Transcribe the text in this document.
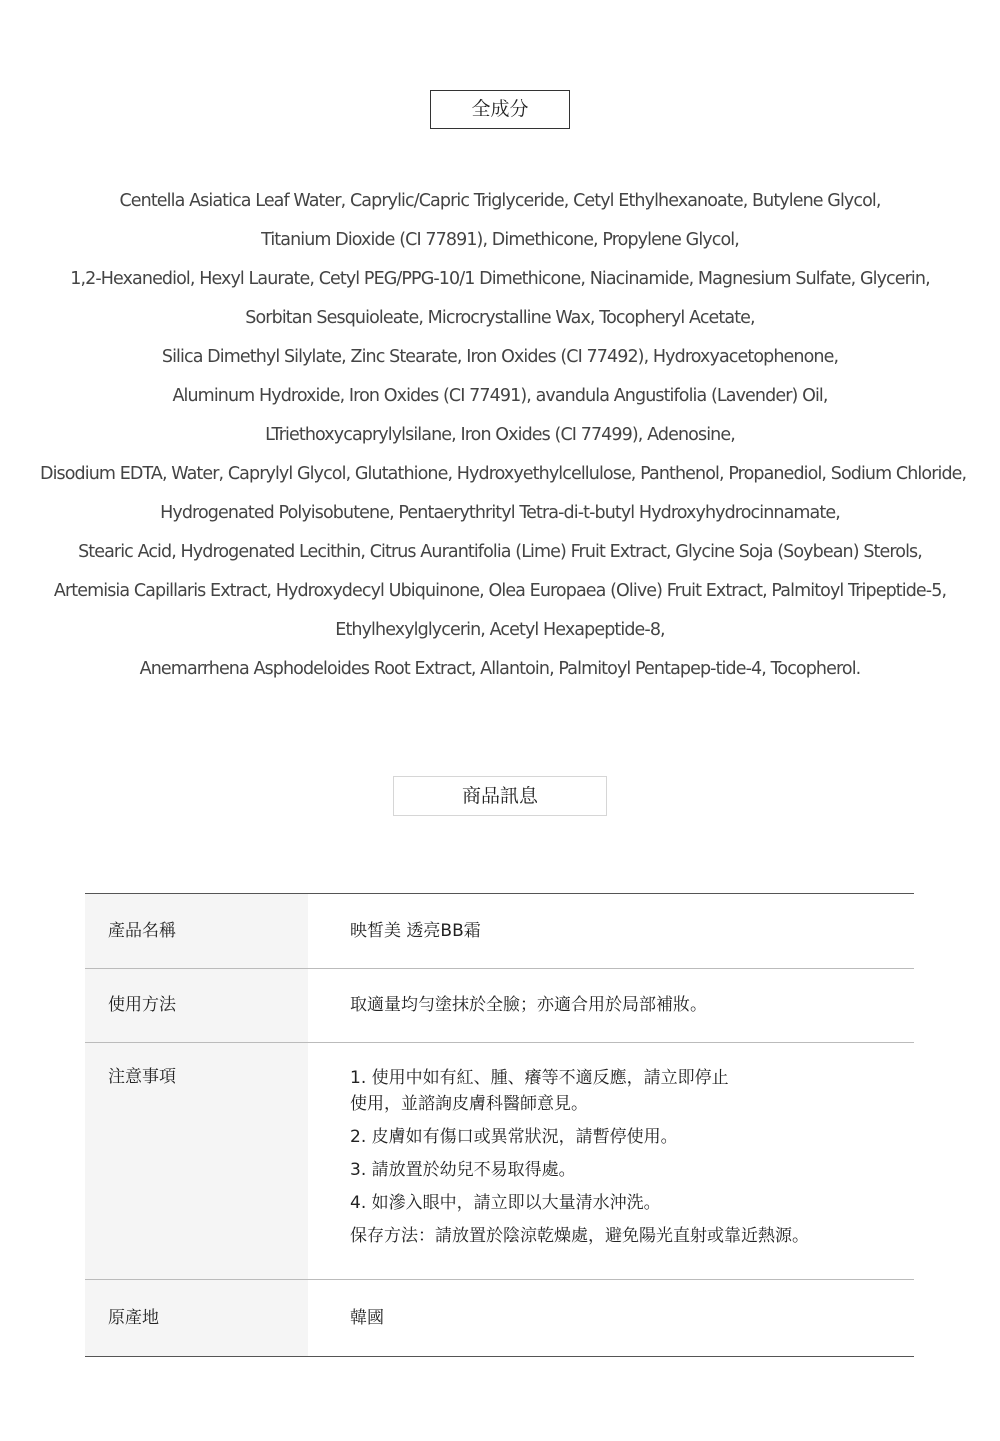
全成分
Centella Asiatica Leaf Water, Caprylic/Capric Triglyceride, Cetyl Ethylhexanoate, Butylene Glycol,
Titanium Dioxide (CI 77891), Dimethicone, Propylene Glycol,
1,2-Hexanediol, Hexyl Laurate, Cetyl PEG/PPG-10/1 Dimethicone, Niacinamide, Magnesium Sulfate, Glycerin,
Sorbitan Sesquioleate, Microcrystalline Wax, Tocopheryl Acetate,
Silica Dimethyl Silylate, Zinc Stearate, Iron Oxides (CI 77492), Hydroxyacetophenone,
Aluminum Hydroxide, Iron Oxides (CI 77491), avandula Angustifolia (Lavender) Oil,
LTriethoxycaprylylsilane, Iron Oxides (CI 77499), Adenosine,
Disodium EDTA, Water, Caprylyl Glycol, Glutathione, Hydroxyethylcellulose, Panthenol, Propanediol, Sodium Chloride,
Hydrogenated Polyisobutene, Pentaerythrityl Tetra-di-t-butyl Hydroxyhydrocinnamate,
Stearic Acid, Hydrogenated Lecithin, Citrus Aurantifolia (Lime) Fruit Extract, Glycine Soja (Soybean) Sterols,
Artemisia Capillaris Extract, Hydroxydecyl Ubiquinone, Olea Europaea (Olive) Fruit Extract, Palmitoyl Tripeptide-5,
Ethylhexylglycerin, Acetyl Hexapeptide-8,
Anemarrhena Asphodeloides Root Extract, Allantoin, Palmitoyl Pentapep-tide-4, Tocopherol.
商品訊息
產品名稱	映皙美 透亮BB霜
使用方法	取適量均勻塗抹於全臉；亦適合用於局部補妝。
注意事項	1. 使用中如有紅、腫、癢等不適反應，請立即停止
使用，並諮詢皮膚科醫師意見。
2. 皮膚如有傷口或異常狀況，請暫停使用。
3. 請放置於幼兒不易取得處。
4. 如滲入眼中，請立即以大量清水沖洗。
保存方法：請放置於陰涼乾燥處，避免陽光直射或靠近熱源。
原產地	韓國
